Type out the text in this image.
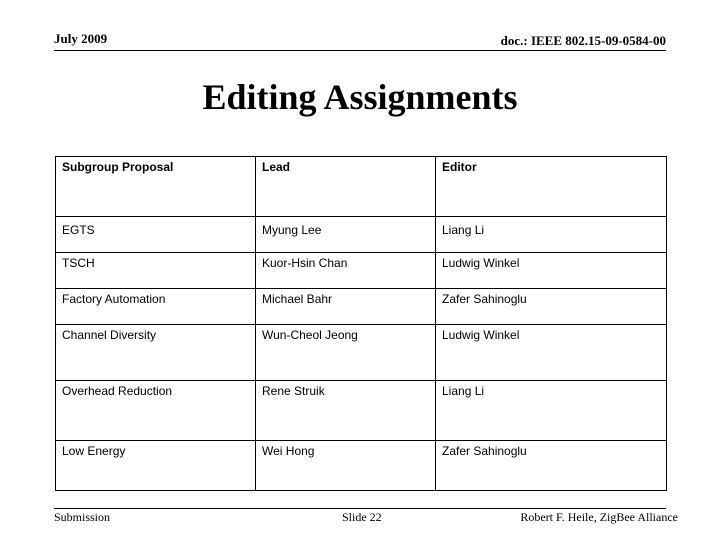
July 2009	doc.: IEEE 802.15-09-0584-00
Editing Assignments
Subgroup Proposal	Lead	Editor
EGTS	Myung Lee	Liang Li
TSCH	Kuor-Hsin Chan	Ludwig Winkel
Factory Automation	Michael Bahr	Zafer Sahinoglu
Channel Diversity	Wun-Cheol Jeong	Ludwig Winkel
Overhead Reduction	Rene Struik	Liang Li
Low Energy	Wei Hong	Zafer Sahinoglu
Submission	Slide 22	Robert F. Heile, ZigBee Alliance
